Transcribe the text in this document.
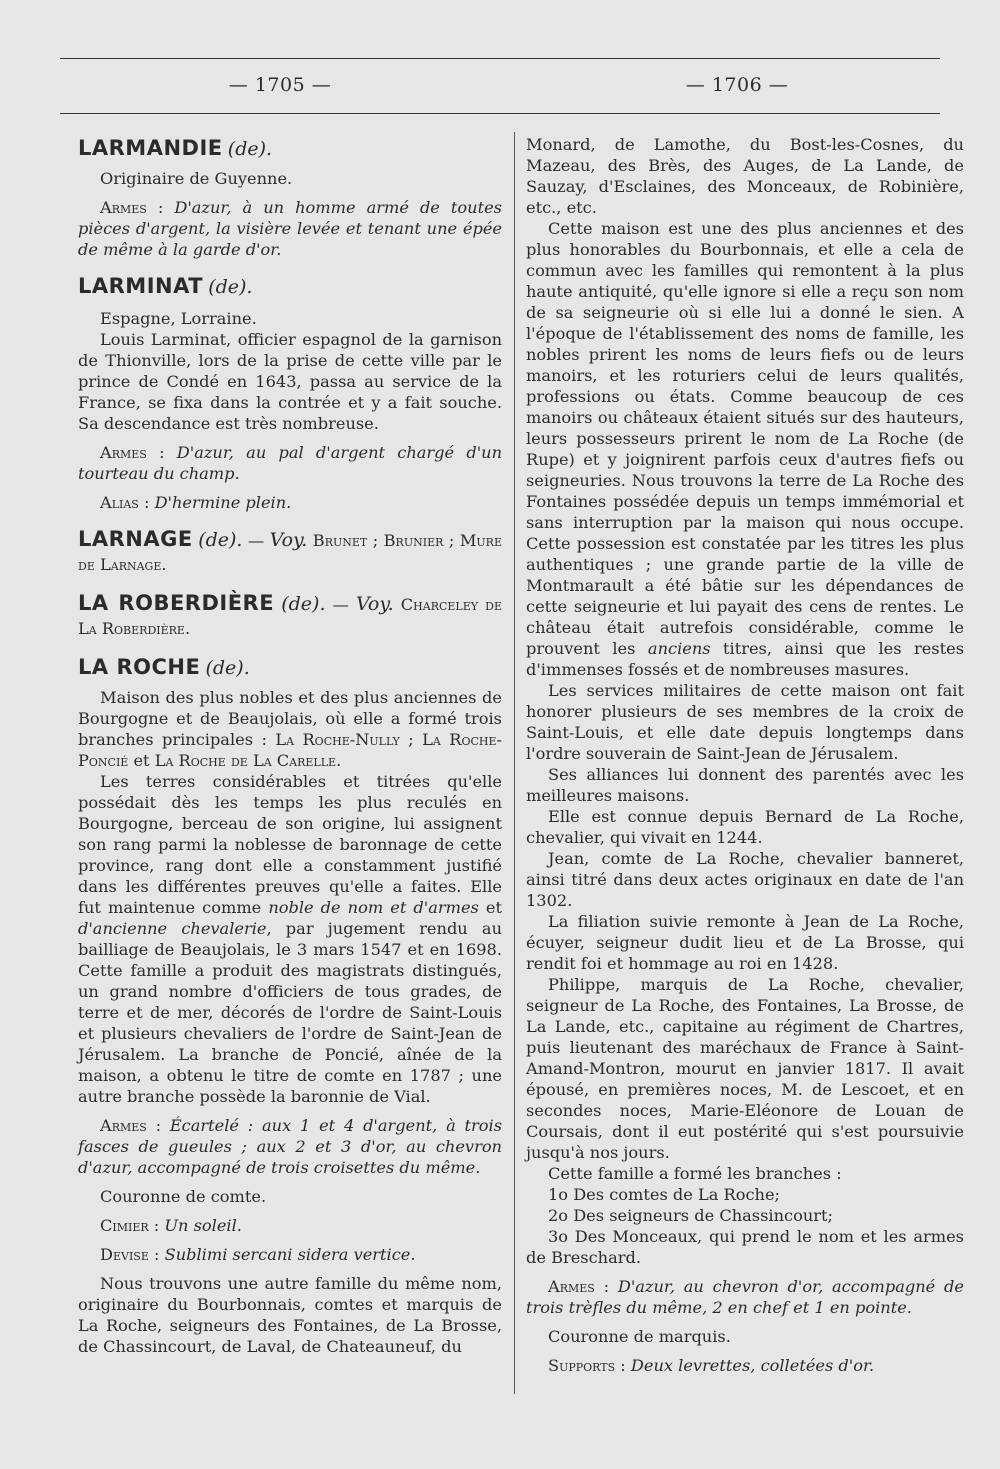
— 1705 —	— 1706 —
LARMANDIE (de).

Originaire de Guyenne.

Armes : D'azur, à un homme armé de toutes pièces d'argent, la visière levée et tenant une épée de même à la garde d'or.

LARMINAT (de).

Espagne, Lorraine.

Louis Larminat, officier espagnol de la garnison de Thionville, lors de la prise de cette ville par le prince de Condé en 1643, passa au service de la France, se fixa dans la contrée et y a fait souche. Sa descendance est très nombreuse.

Armes : D'azur, au pal d'argent chargé d'un tourteau du champ.

Alias : D'hermine plein.

LARNAGE (de). — Voy. Brunet ; Brunier ; Mure de Larnage.
LA ROBERDIÈRE (de). — Voy. Charceley de La Roberdière.
LA ROCHE (de).

Maison des plus nobles et des plus anciennes de Bourgogne et de Beaujolais, où elle a formé trois branches principales : La Roche-Nully ; La Roche-Poncié et La Roche de La Carelle.

Les terres considérables et titrées qu'elle possédait dès les temps les plus reculés en Bourgogne, berceau de son origine, lui assignent son rang parmi la noblesse de baronnage de cette province, rang dont elle a constamment justifié dans les différentes preuves qu'elle a faites. Elle fut maintenue comme noble de nom et d'armes et d'ancienne chevalerie, par jugement rendu au bailliage de Beaujolais, le 3 mars 1547 et en 1698. Cette famille a produit des magistrats distingués, un grand nombre d'officiers de tous grades, de terre et de mer, décorés de l'ordre de Saint-Louis et plusieurs chevaliers de l'ordre de Saint-Jean de Jérusalem. La branche de Poncié, aînée de la maison, a obtenu le titre de comte en 1787 ; une autre branche possède la baronnie de Vial.

Armes : Écartelé : aux 1 et 4 d'argent, à trois fasces de gueules ; aux 2 et 3 d'or, au chevron d'azur, accompagné de trois croisettes du même.

Couronne de comte.

Cimier : Un soleil.

Devise : Sublimi sercani sidera vertice.

Nous trouvons une autre famille du même nom, originaire du Bourbonnais, comtes et marquis de La Roche, seigneurs des Fontaines, de La Brosse, de Chassincourt, de Laval, de Chateauneuf, du

Monard, de Lamothe, du Bost-les-Cosnes, du Mazeau, des Brès, des Auges, de La Lande, de Sauzay, d'Esclaines, des Monceaux, de Robinière, etc., etc.

Cette maison est une des plus anciennes et des plus honorables du Bourbonnais, et elle a cela de commun avec les familles qui remontent à la plus haute antiquité, qu'elle ignore si elle a reçu son nom de sa seigneurie où si elle lui a donné le sien. A l'époque de l'établissement des noms de famille, les nobles prirent les noms de leurs fiefs ou de leurs manoirs, et les roturiers celui de leurs qualités, professions ou états. Comme beaucoup de ces manoirs ou châteaux étaient situés sur des hauteurs, leurs possesseurs prirent le nom de La Roche (de Rupe) et y joignirent parfois ceux d'autres fiefs ou seigneuries. Nous trouvons la terre de La Roche des Fontaines possédée depuis un temps immémorial et sans interruption par la maison qui nous occupe. Cette possession est constatée par les titres les plus authentiques ; une grande partie de la ville de Montmarault a été bâtie sur les dépendances de cette seigneurie et lui payait des cens de rentes. Le château était autrefois considérable, comme le prouvent les anciens titres, ainsi que les restes d'immenses fossés et de nombreuses masures.

Les services militaires de cette maison ont fait honorer plusieurs de ses membres de la croix de Saint-Louis, et elle date depuis longtemps dans l'ordre souverain de Saint-Jean de Jérusalem.

Ses alliances lui donnent des parentés avec les meilleures maisons.

Elle est connue depuis Bernard de La Roche, chevalier, qui vivait en 1244.

Jean, comte de La Roche, chevalier banneret, ainsi titré dans deux actes originaux en date de l'an 1302.

La filiation suivie remonte à Jean de La Roche, écuyer, seigneur dudit lieu et de La Brosse, qui rendit foi et hommage au roi en 1428.

Philippe, marquis de La Roche, chevalier, seigneur de La Roche, des Fontaines, La Brosse, de La Lande, etc., capitaine au régiment de Chartres, puis lieutenant des maréchaux de France à Saint-Amand-Montron, mourut en janvier 1817. Il avait épousé, en premières noces, M. de Lescoet, et en secondes noces, Marie-Eléonore de Louan de Coursais, dont il eut postérité qui s'est poursuivie jusqu'à nos jours.

Cette famille a formé les branches :

1o Des comtes de La Roche;

2o Des seigneurs de Chassincourt;

3o Des Monceaux, qui prend le nom et les armes de Breschard.

Armes : D'azur, au chevron d'or, accompagné de trois trèfles du même, 2 en chef et 1 en pointe.

Couronne de marquis.

Supports : Deux levrettes, colletées d'or.
